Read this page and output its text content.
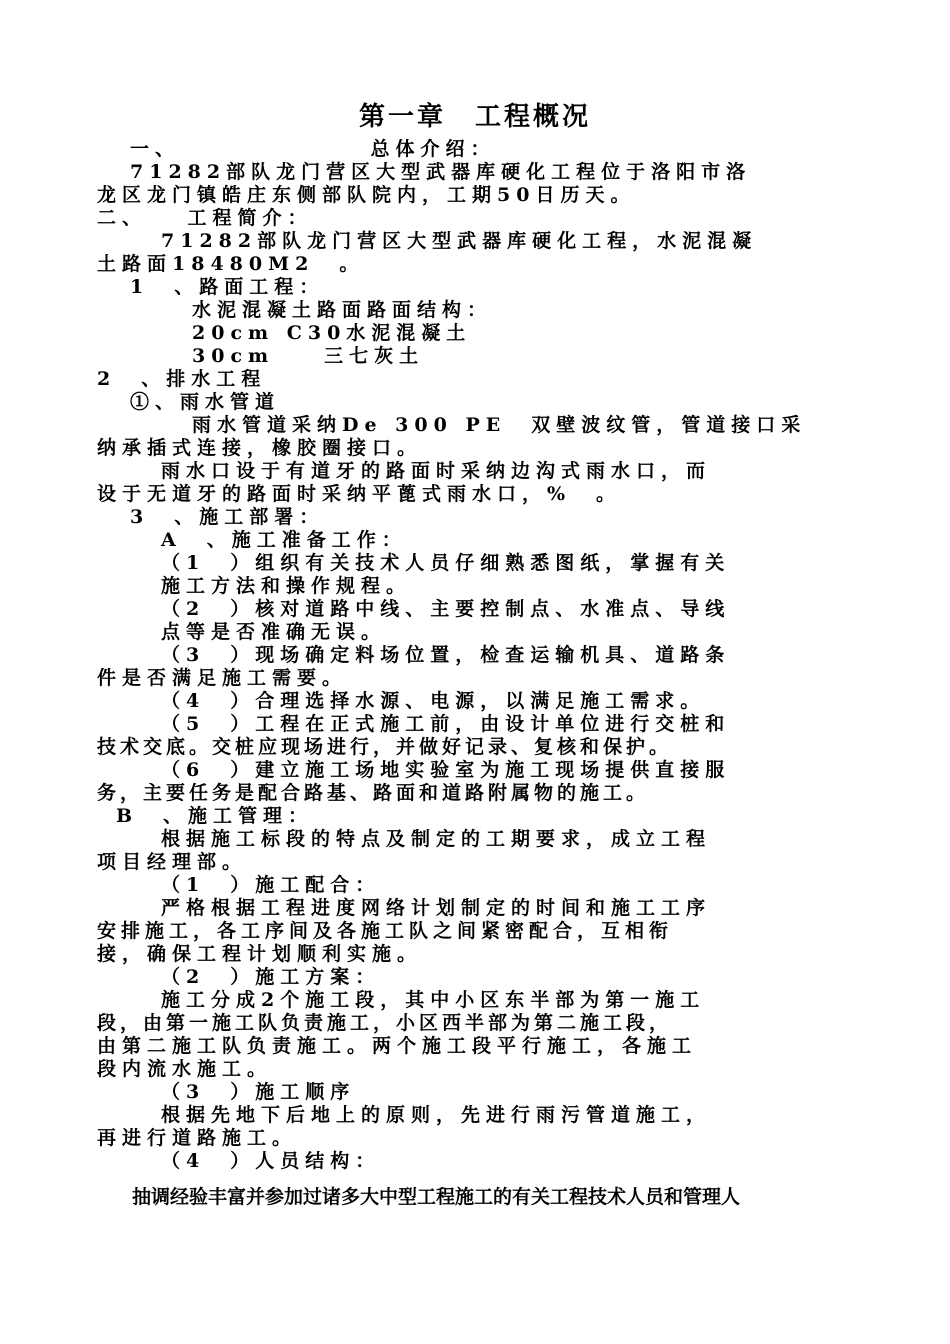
第一章　工程概况
一、　　　　　　　　总体介绍：
71282部队龙门营区大型武器库硬化工程位于洛阳市洛
龙区龙门镇皓庄东侧部队院内，工期50日历天。
二、　　工程简介：
71282部队龙门营区大型武器库硬化工程，水泥混凝
土路面18480M2　。
1　、路面工程：
水泥混凝土路面路面结构：
20cm C30水泥混凝土
30cm　　三七灰土
2　、排水工程
①、雨水管道
雨水管道采纳De 300 PE　双壁波纹管，管道接口采
纳承插式连接，橡胶圈接口。
雨水口设于有道牙的路面时采纳边沟式雨水口，而
设于无道牙的路面时采纳平蓖式雨水口，%　。
3　、施工部署：
A　、施工准备工作：
（1　）组织有关技术人员仔细熟悉图纸，掌握有关
施工方法和操作规程。
（2　）核对道路中线、主要控制点、水准点、导线
点等是否准确无误。
（3　）现场确定料场位置，检查运输机具、道路条
件是否满足施工需要。
（4　）合理选择水源、电源，以满足施工需求。
（5　）工程在正式施工前，由设计单位进行交桩和
技术交底。交桩应现场进行，并做好记录、复核和保护。
（6　）建立施工场地实验室为施工现场提供直接服
务，主要任务是配合路基、路面和道路附属物的施工。
B　、施工管理：
根据施工标段的特点及制定的工期要求，成立工程
项目经理部。
（1　）施工配合：
严格根据工程进度网络计划制定的时间和施工工序
安排施工，各工序间及各施工队之间紧密配合，互相衔
接，确保工程计划顺利实施。
（2　）施工方案：
施工分成2个施工段，其中小区东半部为第一施工
段，由第一施工队负责施工，小区西半部为第二施工段，
由第二施工队负责施工。两个施工段平行施工，各施工
段内流水施工。
（3　）施工顺序
根据先地下后地上的原则，先进行雨污管道施工，
再进行道路施工。
（4　）人员结构：
抽调经验丰富并参加过诸多大中型工程施工的有关工程技术人员和管理人
